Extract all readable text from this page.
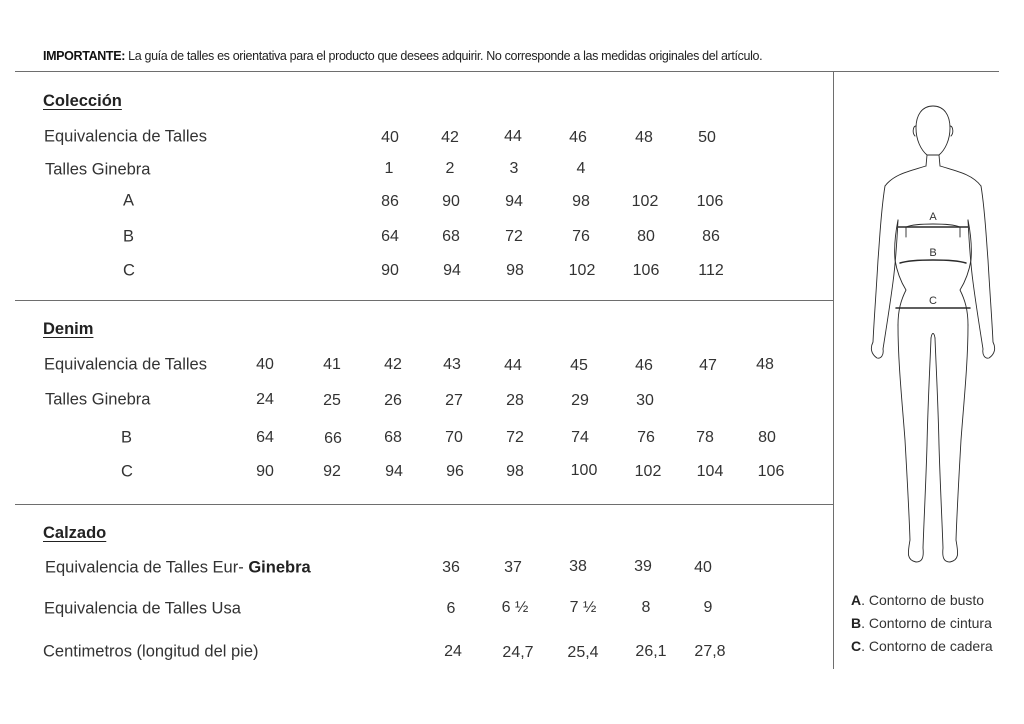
IMPORTANTE: La guía de talles es orientativa para el producto que desees adquirir. No corresponde a las medidas originales del artículo.
Colección
Equivalencia de Talles	40	42	44	46	48	50
Talles Ginebra	1	2	3	4
A	86	90	94	98	102 106
B	64	68	72	76	80	86
C	90	94	98	102 106 112
Denim
Equivalencia de Talles	40	41	42	43	44	45	46	47 48
Talles Ginebra	24	25	26	27	28	29	30
B	64	66	68	70	72	74	76	78	80
C	90	92	94	96	98	100 102 104 106
Calzado
Equivalencia de Talles Eur- Ginebra	36	37	38	39	40
Equivalencia de Talles Usa	6	6 ½	7 ½	8	9
Centimetros (longitud del pie)	24	24,7 25,4 26,1 27,8
A
B
C
A. Contorno de busto
B. Contorno de cintura
C. Contorno de cadera
